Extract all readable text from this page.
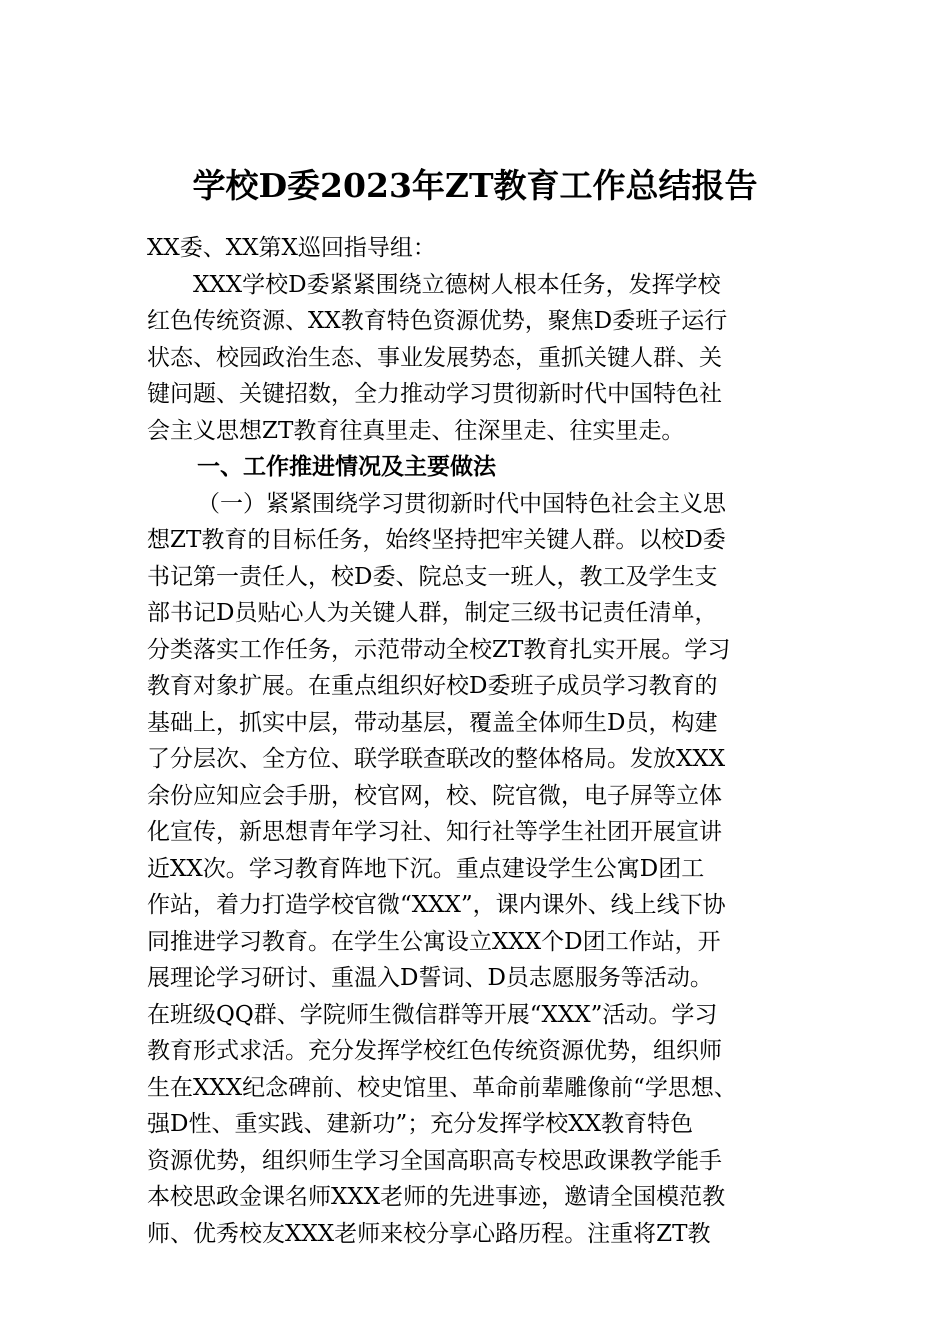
学校D委2023年ZT教育工作总结报告
XX委、XX第X巡回指导组：
XXX学校D委紧紧围绕立德树人根本任务，发挥学校
红色传统资源、XX教育特色资源优势，聚焦D委班子运行
状态、校园政治生态、事业发展势态，重抓关键人群、关
键问题、关键招数，全力推动学习贯彻新时代中国特色社
会主义思想ZT教育往真里走、往深里走、往实里走。
一、工作推进情况及主要做法
（一）紧紧围绕学习贯彻新时代中国特色社会主义思
想ZT教育的目标任务，始终坚持把牢关键人群。以校D委
书记第一责任人，校D委、院总支一班人，教工及学生支
部书记D员贴心人为关键人群，制定三级书记责任清单，
分类落实工作任务，示范带动全校ZT教育扎实开展。学习
教育对象扩展。在重点组织好校D委班子成员学习教育的
基础上，抓实中层，带动基层，覆盖全体师生D员，构建
了分层次、全方位、联学联查联改的整体格局。发放XXX
余份应知应会手册，校官网，校、院官微，电子屏等立体
化宣传，新思想青年学习社、知行社等学生社团开展宣讲
近XX次。学习教育阵地下沉。重点建设学生公寓D团工
作站，着力打造学校官微“XXX”，课内课外、线上线下协
同推进学习教育。在学生公寓设立XXX个D团工作站，开
展理论学习研讨、重温入D誓词、D员志愿服务等活动。
在班级QQ群、学院师生微信群等开展“XXX”活动。学习
教育形式求活。充分发挥学校红色传统资源优势，组织师
生在XXX纪念碑前、校史馆里、革命前辈雕像前“学思想、
强D性、重实践、建新功”；充分发挥学校XX教育特色
资源优势，组织师生学习全国高职高专校思政课教学能手
本校思政金课名师XXX老师的先进事迹，邀请全国模范教
师、优秀校友XXX老师来校分享心路历程。注重将ZT教
